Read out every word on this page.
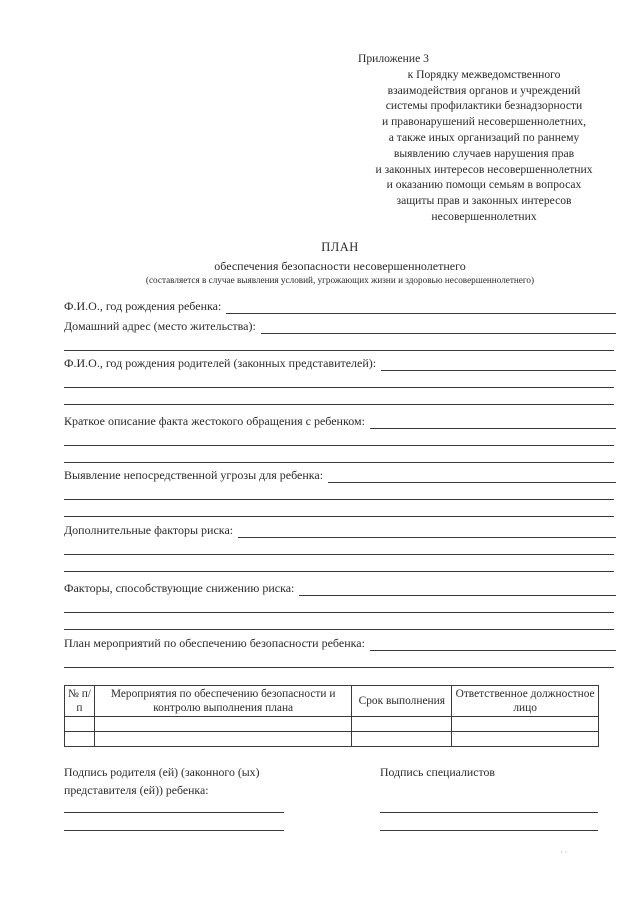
Приложение 3
к Порядку межведомственного
взаимодействия органов и учреждений
системы профилактики безнадзорности
и правонарушений несовершеннолетних,
а также иных организаций по раннему
выявлению случаев нарушения прав
и законных интересов несовершеннолетних
и оказанию помощи семьям в вопросах
защиты прав и законных интересов
несовершеннолетних
ПЛАН
обеспечения безопасности несовершеннолетнего
(составляется в случае выявления условий, угрожающих жизни и здоровью несовершеннолетнего)
Ф.И.О., год рождения ребенка:
Домашний адрес (место жительства):
Ф.И.О., год рождения родителей (законных представителей):
Краткое описание факта жестокого обращения с ребенком:
Выявление непосредственной угрозы для ребенка:
Дополнительные факторы риска:
Факторы, способствующие снижению риска:
План мероприятий по обеспечению безопасности ребенка:
№ п/п	Мероприятия по обеспечению безопасности и контролю выполнения плана	Срок выполнения	Ответственное должностное лицо

Подпись родителя (ей) (законного (ых)
представителя (ей)) ребенка:
Подпись специалистов
· ·
